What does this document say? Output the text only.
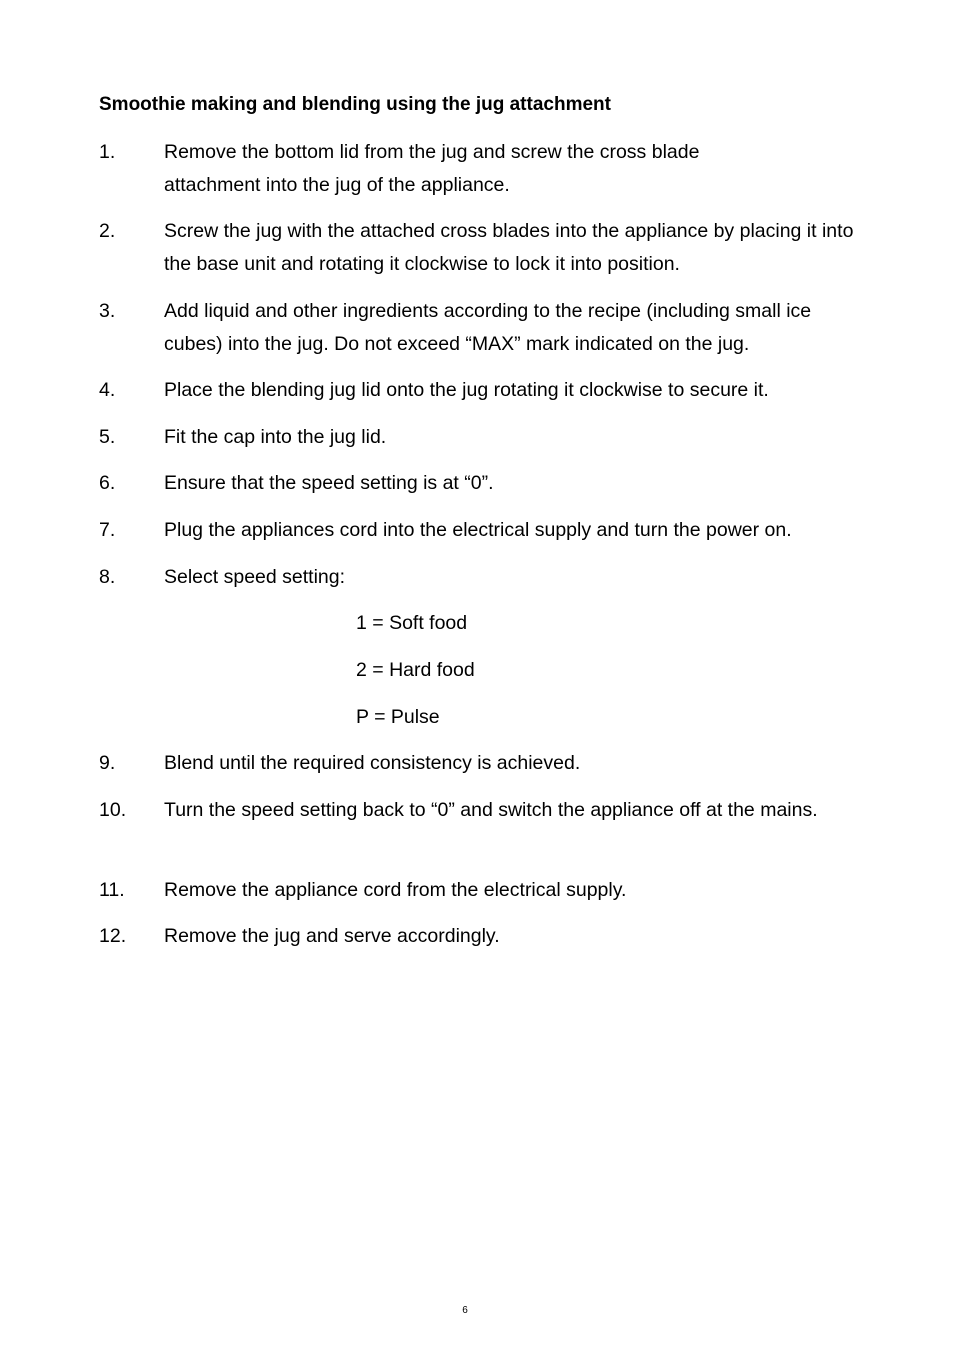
Smoothie making and blending using the jug attachment
1. Remove the bottom lid from the jug and screw the cross blade attachment into the jug of the appliance.
2. Screw the jug with the attached cross blades into the appliance by placing it into the base unit and rotating it clockwise to lock it into position.
3. Add liquid and other ingredients according to the recipe (including small ice cubes) into the jug. Do not exceed “MAX” mark indicated on the jug.
4. Place the blending jug lid onto the jug rotating it clockwise to secure it.
5. Fit the cap into the jug lid.
6. Ensure that the speed setting is at “0”.
7. Plug the appliances cord into the electrical supply and turn the power on.
8. Select speed setting:
1 = Soft food
2 = Hard food
P = Pulse
9. Blend until the required consistency is achieved.
10. Turn the speed setting back to “0” and switch the appliance off at the mains.
11. Remove the appliance cord from the electrical supply.
12. Remove the jug and serve accordingly.
6
